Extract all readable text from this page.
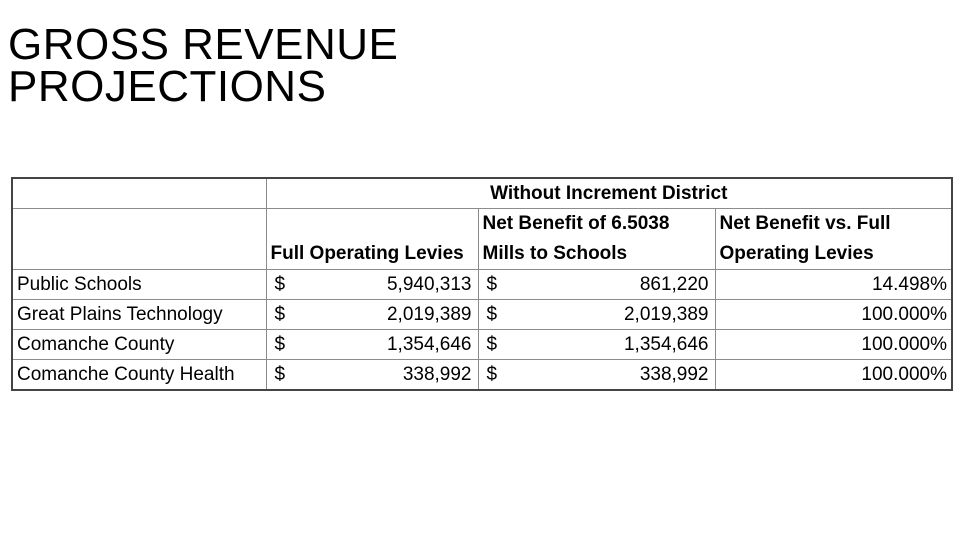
GROSS REVENUE
PROJECTIONS
	Without Increment District		
	Full Operating Levies	Net Benefit of 6.5038 Mills to Schools	Net Benefit vs. Full Operating Levies
Public Schools	$ 5,940,313	$ 861,220	14.498%
Great Plains Technology	$ 2,019,389	$ 2,019,389	100.000%
Comanche County	$ 1,354,646	$ 1,354,646	100.000%
Comanche County Health	$ 338,992	$ 338,992	100.000%
